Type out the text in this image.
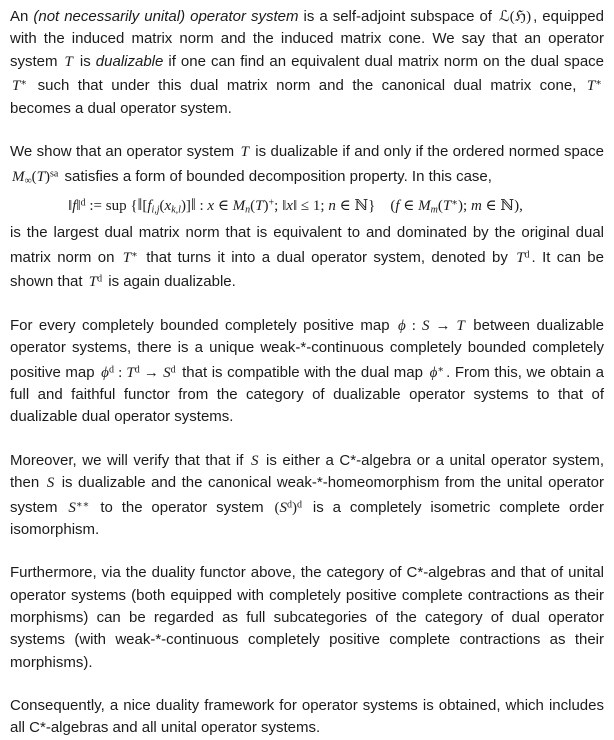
An (not necessarily unital) operator system is a self-adjoint subspace of ℒ(ℌ) , equipped with the induced matrix norm and the induced matrix cone. We say that an operator system T is dualizable if one can find an equivalent dual matrix norm on the dual space T∗ such that under this dual matrix norm and the canonical dual matrix cone, T∗ becomes a dual operator system.

We show that an operator system T is dualizable if and only if the ordered normed space $M\infty(T)^{sa}$ satisfies a form of bounded decomposition property. In this case,
‖f‖$^d$ := sup {‖[fi,j(xk,l)]‖ : x ∈ Mn(T)+; ‖x‖ ≤ 1; n ∈ ℕ} (f ∈ Mm(T∗); m ∈ ℕ),
is the largest dual matrix norm that is equivalent to and dominated by the original dual matrix norm on T∗ that turns it into a dual operator system, denoted by $T^d$ . It can be shown that $T^d$ is again dualizable.

For every completely bounded completely positive map ϕ : S → T between dualizable operator systems, there is a unique weak-*-continuous completely bounded completely positive map $\phi^d$ : $T^d \to S^d$ that is compatible with the dual map ϕ∗ . From this, we obtain a full and faithful functor from the category of dualizable operator systems to that of dualizable dual operator systems.

Moreover, we will verify that that if S is either a C*-algebra or a unital operator system, then S is dualizable and the canonical weak-*-homeomorphism from the unital operator system S∗∗ to the operator system $(S^d)^d$ is a completely isometric complete order isomorphism.

Furthermore, via the duality functor above, the category of C*-algebras and that of unital operator systems (both equipped with completely positive complete contractions as their morphisms) can be regarded as full subcategories of the category of dual operator systems (with weak-*-continuous completely positive complete contractions as their morphisms).

Consequently, a nice duality framework for operator systems is obtained, which includes all C*-algebras and all unital operator systems.
